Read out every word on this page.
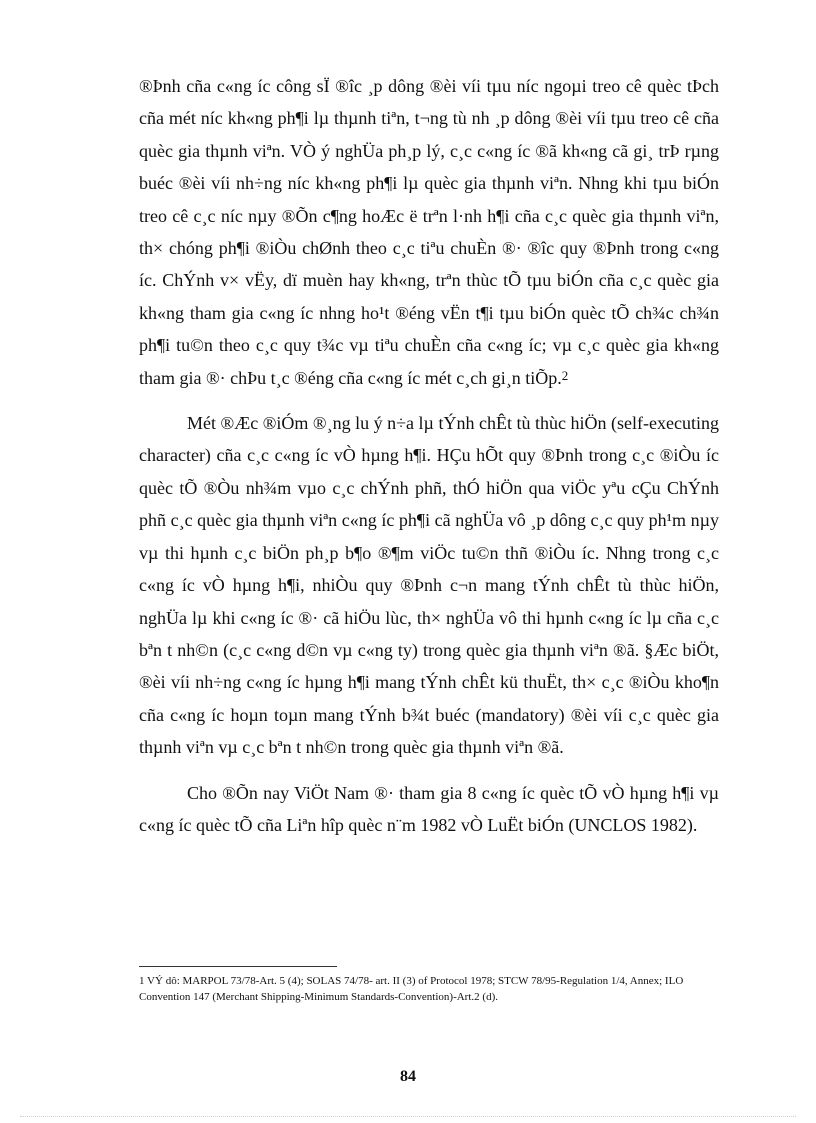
®Þnh cña c«ng íc công sÏ ®îc ¸p dông ®èi víi tµu níc ngoµi treo cê quèc tÞch cña mét níc kh«ng ph¶i lµ thµnh tiªn, t¬ng tù nh ¸p dông ®èi víi tµu treo cê cña quèc gia thµnh viªn. VÒ ý nghÜa ph¸p lý, c¸c c«ng íc ®ã kh«ng cã gi¸ trÞ rµng buéc ®èi víi nh÷ng níc kh«ng ph¶i lµ quèc gia thµnh viªn. Nhng khi tµu biÓn treo cê c¸c níc nµy ®Õn c¶ng hoÆc ë trªn l·nh h¶i cña c¸c quèc gia thµnh viªn, th× chóng ph¶i ®iÒu chØnh theo c¸c tiªu chuÈn ®· ®îc quy ®Þnh trong c«ng íc. ChÝnh v× vËy, dï muèn hay kh«ng, trªn thùc tÕ tµu biÓn cña c¸c quèc gia kh«ng tham gia c«ng íc nhng ho¹t ®éng vËn t¶i tµu biÓn quèc tÕ ch¾c ch¾n ph¶i tu©n theo c¸c quy t¾c vµ tiªu chuÈn cña c«ng íc; vµ c¸c quèc gia kh«ng tham gia ®· chÞu t¸c ®éng cña c«ng íc mét c¸ch gi¸n tiÕp.$^2$

Mét ®Æc ®iÓm ®¸ng lu ý n÷a lµ tÝnh chÊt tù thùc hiÖn (self-executing character) cña c¸c c«ng íc vÒ hµng h¶i. HÇu hÕt quy ®Þnh trong c¸c ®iÒu íc quèc tÕ ®Òu nh¾m vµo c¸c chÝnh phñ, thÓ hiÖn qua viÖc yªu cÇu ChÝnh phñ c¸c quèc gia thµnh viªn c«ng íc ph¶i cã nghÜa vô ¸p dông c¸c quy ph¹m nµy vµ thi hµnh c¸c biÖn ph¸p b¶o ®¶m viÖc tu©n thñ ®iÒu íc. Nhng trong c¸c c«ng íc vÒ hµng h¶i, nhiÒu quy ®Þnh c¬n mang tÝnh chÊt tù thùc hiÖn, nghÜa lµ khi c«ng íc ®· cã hiÖu lùc, th× nghÜa vô thi hµnh c«ng íc lµ cña c¸c bªn t nh©n (c¸c c«ng d©n vµ c«ng ty) trong quèc gia thµnh viªn ®ã. §Æc biÖt, ®èi víi nh÷ng c«ng íc hµng h¶i mang tÝnh chÊt kü thuËt, th× c¸c ®iÒu kho¶n cña c«ng íc hoµn toµn mang tÝnh b¾t buéc (mandatory) ®èi víi c¸c quèc gia thµnh viªn vµ c¸c bªn t nh©n trong quèc gia thµnh viªn ®ã.

Cho ®Õn nay ViÖt Nam ®· tham gia 8 c«ng íc quèc tÕ vÒ hµng h¶i vµ c«ng íc quèc tÕ cña Liªn hîp quèc n¨m 1982 vÒ LuËt biÓn (UNCLOS 1982).

1 VÝ dô: MARPOL 73/78-Art. 5 (4); SOLAS 74/78- art. II (3) of Protocol 1978; STCW 78/95-Regulation 1/4, Annex; ILO Convention 147 (Merchant Shipping-Minimum Standards-Convention)-Art.2 (d).

84
